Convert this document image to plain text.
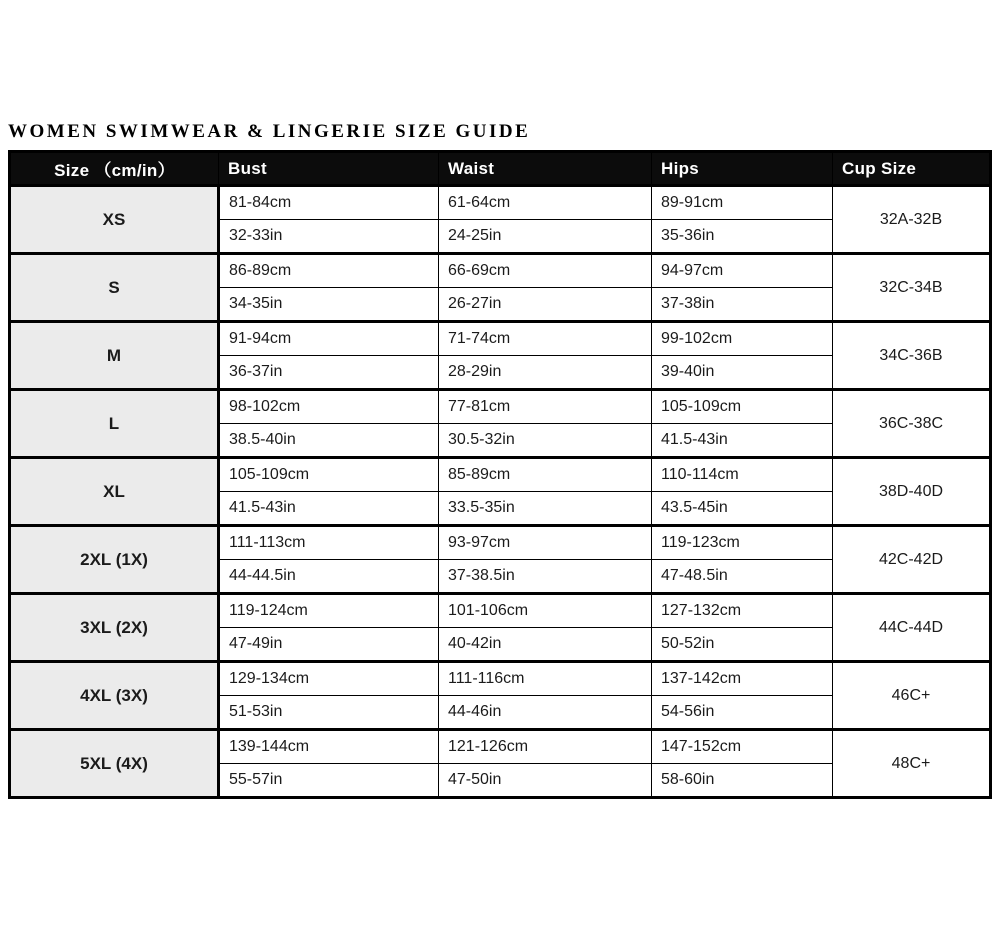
WOMEN SWIMWEAR & LINGERIE SIZE GUIDE
Size （cm/in）	Bust	Waist	Hips	Cup Size
XS	81-84cm	61-64cm	89-91cm	32A-32B
	32-33in	24-25in	35-36in	
S	86-89cm	66-69cm	94-97cm	32C-34B
	34-35in	26-27in	37-38in	
M	91-94cm	71-74cm	99-102cm	34C-36B
	36-37in	28-29in	39-40in	
L	98-102cm	77-81cm	105-109cm	36C-38C
	38.5-40in	30.5-32in	41.5-43in	
XL	105-109cm	85-89cm	110-114cm	38D-40D
	41.5-43in	33.5-35in	43.5-45in	
2XL (1X)	111-113cm	93-97cm	119-123cm	42C-42D
	44-44.5in	37-38.5in	47-48.5in	
3XL (2X)	119-124cm	101-106cm	127-132cm	44C-44D
	47-49in	40-42in	50-52in	
4XL (3X)	129-134cm	111-116cm	137-142cm	46C+
	51-53in	44-46in	54-56in	
5XL (4X)	139-144cm	121-126cm	147-152cm	48C+
	55-57in	47-50in	58-60in	
